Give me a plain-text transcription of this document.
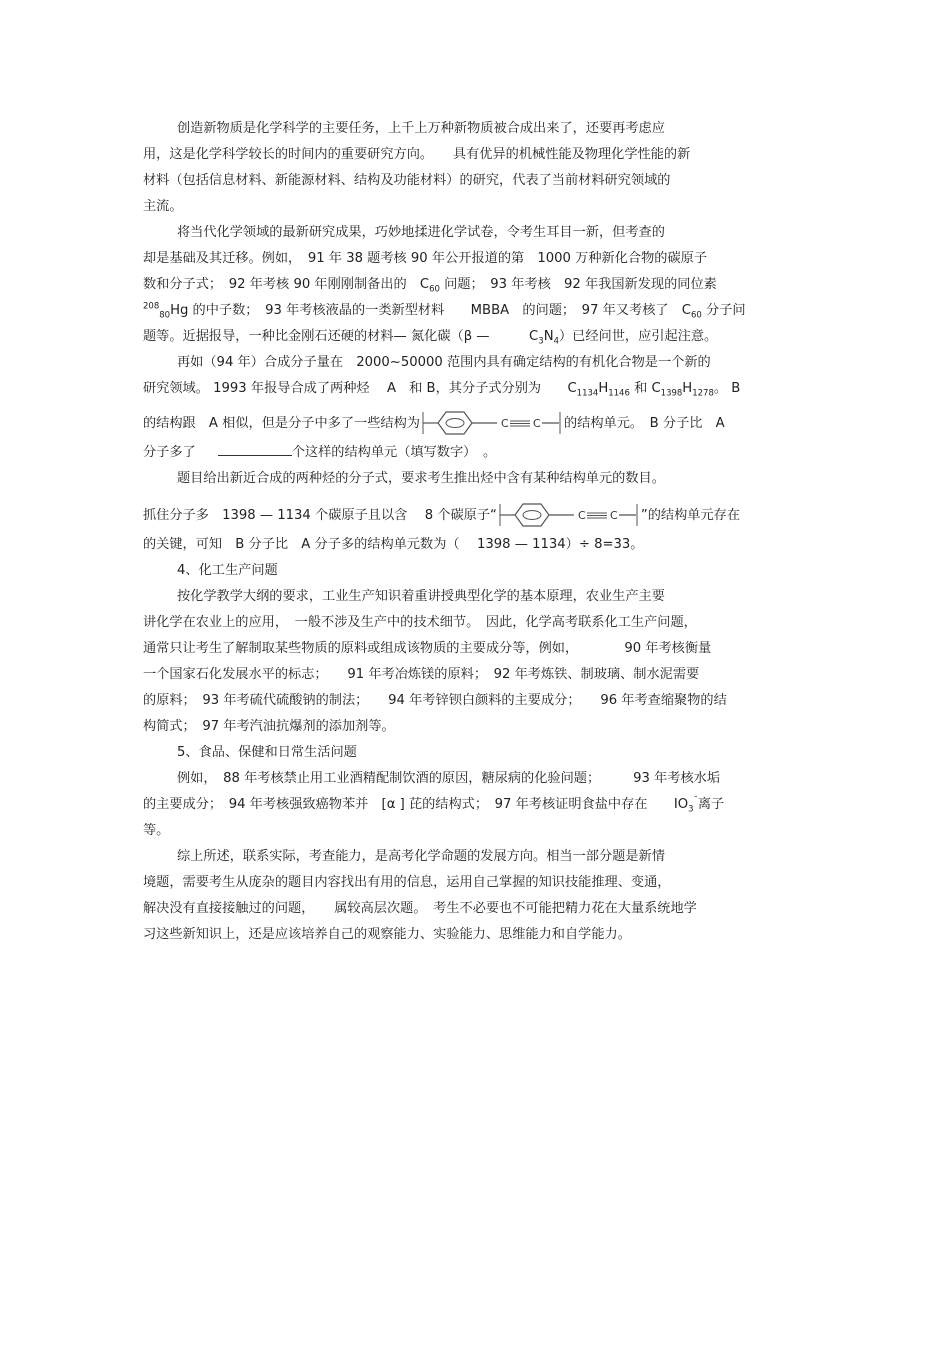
创造新物质是化学科学的主要任务，上千上万种新物质被合成出来了，还要再考虑应
用，这是化学科学较长的时间内的重要研究方向。　　具有优异的机械性能及物理化学性能的新
材料（包括信息材料、新能源材料、结构及功能材料）的研究，代表了当前材料研究领域的
主流。
将当代化学领域的最新研究成果，巧妙地揉进化学试卷，令考生耳目一新，但考查的
却是基础及其迁移。例如，　91 年 38 题考核 90 年公开报道的第　1000 万种新化合物的碳原子
数和分子式；　92 年考核 90 年刚刚制备出的　$C_{60}$ 问题；　93 年考核　92 年我国新发现的同位素
$^{208}_{80}$Hg 的中子数；　93 年考核液晶的一类新型材料　　MBBA　的问题；　97 年又考核了　$C_{60}$ 分子问
题等。近据报导，一种比金刚石还硬的材料— 氮化碳（β —　　　$C_3N_4$）已经问世，应引起注意。
再如（94 年）合成分子量在　2000~50000 范围内具有确定结构的有机化合物是一个新的
研究领域。 1993 年报导合成了两种烃　 A　和 B，其分子式分别为　　$C_{1134}H_{1146}$ 和 $C_{1398}H_{1278}$。 B
的结构跟　A 相似，但是分子中多了一些结构为	C C 的结构单元。　B 分子比　A
分子多了	个这样的结构单元（填写数字）　。
题目给出新近合成的两种烃的分子式，要求考生推出烃中含有某种结构单元的数目。
抓住分子多　1398 — 1134 个碳原子且以含　 8 个碳原子“	C C ”的结构单元存在
的关键，可知　B 分子比　A 分子多的结构单元数为（　 1398 — 1134）÷ 8=33。
4、化工生产问题
按化学教学大纲的要求，工业生产知识着重讲授典型化学的基本原理，农业生产主要
讲化学在农业上的应用，　一般不涉及生产中的技术细节。　因此，化学高考联系化工生产问题，
通常只让考生了解制取某些物质的原料或组成该物质的主要成分等，例如，　　　　90 年考核衡量
一个国家石化发展水平的标志；　　91 年考冶炼镁的原料；　92 年考炼铁、制玻璃、制水泥需要
的原料；　93 年考硫代硫酸钠的制法；　　94 年考锌钡白颜料的主要成分；　　96 年考查缩聚物的结
构简式；　97 年考汽油抗爆剂的添加剂等。
5、食品、保健和日常生活问题
例如，　88 年考核禁止用工业酒精配制饮酒的原因，糖尿病的化验问题；　　　93 年考核水垢
的主要成分；　94 年考核强致癌物苯并　[α ] 芘的结构式；　97 年考核证明食盐中存在　　$IO_3^ˉ$离子
等。
综上所述，联系实际，考查能力，是高考化学命题的发展方向。相当一部分题是新情
境题，需要考生从庞杂的题目内容找出有用的信息，运用自己掌握的知识技能推理、变通，
解决没有直接接触过的问题，　　属较高层次题。　考生不必要也不可能把精力花在大量系统地学
习这些新知识上，还是应该培养自己的观察能力、实验能力、思维能力和自学能力。
